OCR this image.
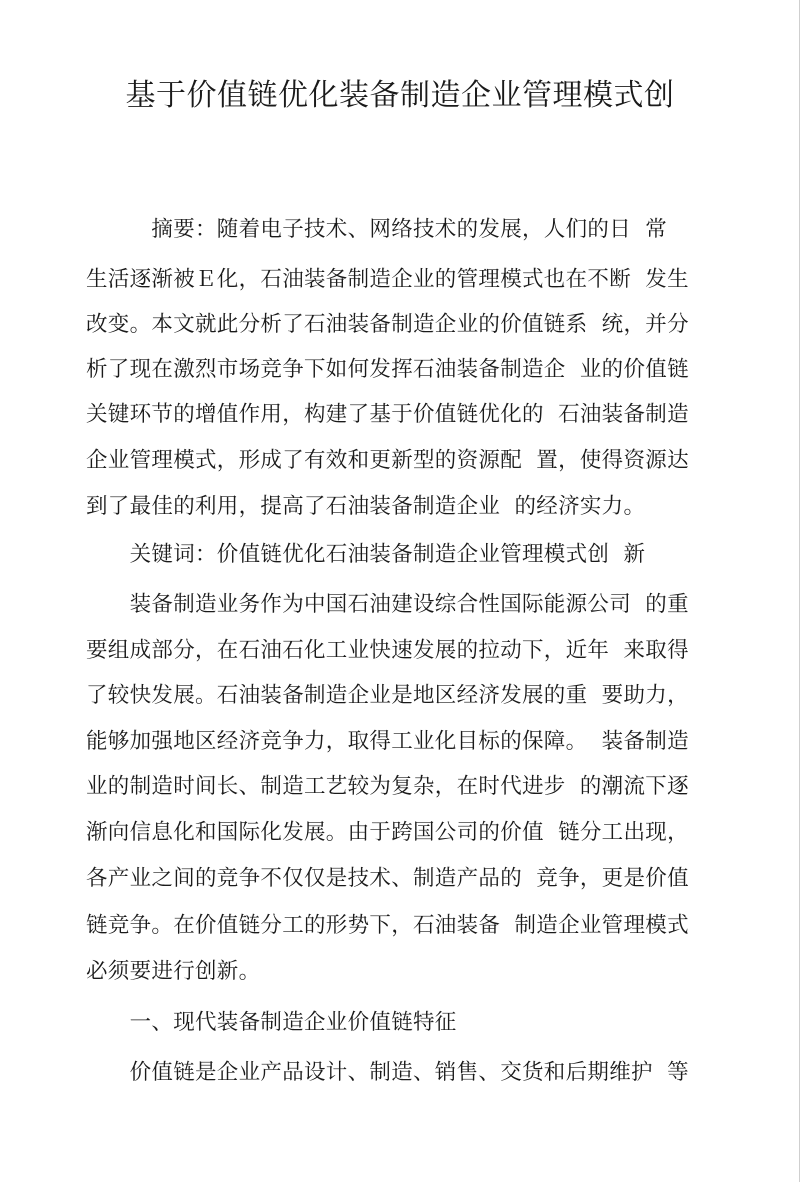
基于价值链优化装备制造企业管理模式创
　　　摘要：随着电子技术、网络技术的发展，人们的日  常
生活逐渐被Ｅ化，石油装备制造企业的管理模式也在不断  发生
改变。本文就此分析了石油装备制造企业的价值链系  统，并分
析了现在激烈市场竞争下如何发挥石油装备制造企  业的价值链
关键环节的增值作用，构建了基于价值链优化的  石油装备制造
企业管理模式，形成了有效和更新型的资源配  置，使得资源达
到了最佳的利用，提高了石油装备制造企业  的经济实力。
　　关键词：价值链优化石油装备制造企业管理模式创  新
　　装备制造业务作为中国石油建设综合性国际能源公司  的重
要组成部分，在石油石化工业快速发展的拉动下，近年  来取得
了较快发展。石油装备制造企业是地区经济发展的重  要助力，
能够加强地区经济竞争力，取得工业化目标的保障。  装备制造
业的制造时间长、制造工艺较为复杂，在时代进步  的潮流下逐
渐向信息化和国际化发展。由于跨国公司的价值  链分工出现，
各产业之间的竞争不仅仅是技术、制造产品的  竞争，更是价值
链竞争。在价值链分工的形势下，石油装备  制造企业管理模式
必须要进行创新。
　　一、现代装备制造企业价值链特征
　　价值链是企业产品设计、制造、销售、交货和后期维护  等
